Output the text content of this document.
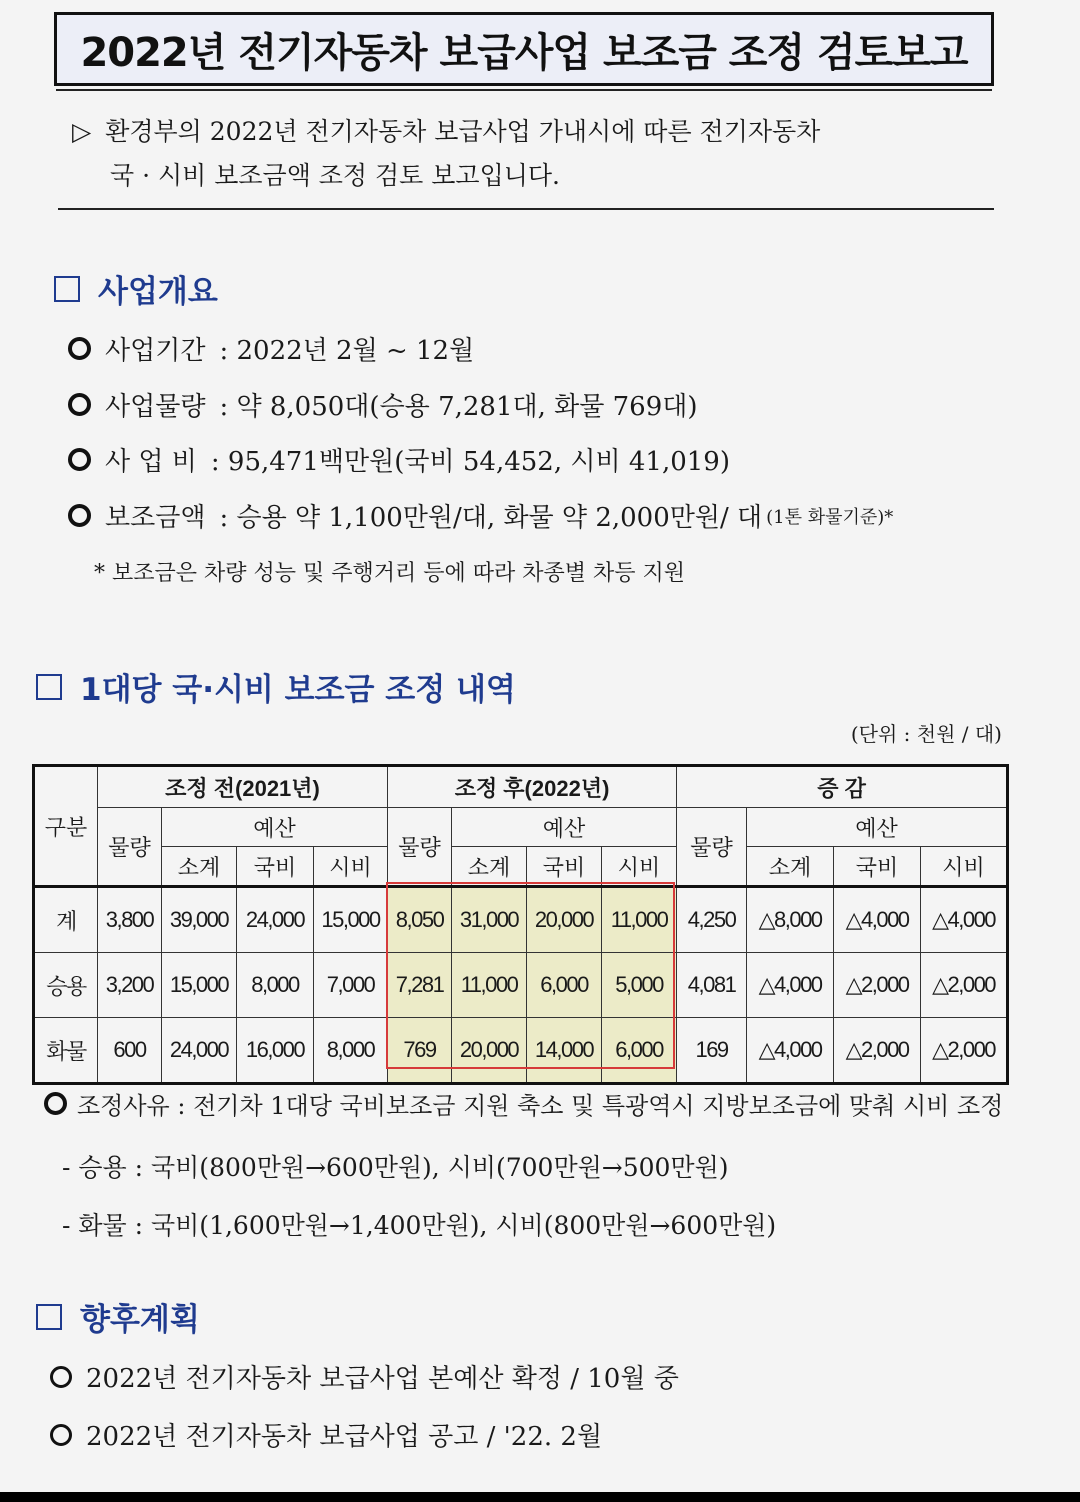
2022년 전기자동차 보급사업 보조금 조정 검토보고
▷ 환경부의 2022년 전기자동차 보급사업 가내시에 따른 전기자동차
국 · 시비 보조금액 조정 검토 보고입니다.
사업개요
사업기간 : 2022년 2월 ~ 12월
사업물량 : 약 8,050대(승용 7,281대, 화물 769대)
사 업 비 : 95,471백만원(국비 54,452, 시비 41,019)
보조금액 : 승용 약 1,100만원/대, 화물 약 2,000만원/ 대 (1톤 화물기준)*
* 보조금은 차량 성능 및 주행거리 등에 따라 차종별 차등 지원
1대당 국·시비 보조금 조정 내역
(단위 : 천원 / 대)
구분	조정 전(2021년)				조정 후(2022년)				증 감			
	물량	예산			물량	예산			물량	예산		
		소계	국비	시비		소계	국비	시비		소계	국비	시비
계	3,800	39,000	24,000	15,000	8,050	31,000	20,000	11,000	4,250	△8,000	△4,000	△4,000
승용	3,200	15,000	8,000	7,000	7,281	11,000	6,000	5,000	4,081	△4,000	△2,000	△2,000
화물	600	24,000	16,000	8,000	769	20,000	14,000	6,000	169	△4,000	△2,000	△2,000
조정사유 : 전기차 1대당 국비보조금 지원 축소 및 특광역시 지방보조금에 맞춰 시비 조정
- 승용 : 국비(800만원→600만원), 시비(700만원→500만원)
- 화물 : 국비(1,600만원→1,400만원), 시비(800만원→600만원)
향후계획
2022년 전기자동차 보급사업 본예산 확정 / 10월 중
2022년 전기자동차 보급사업 공고 / '22. 2월
